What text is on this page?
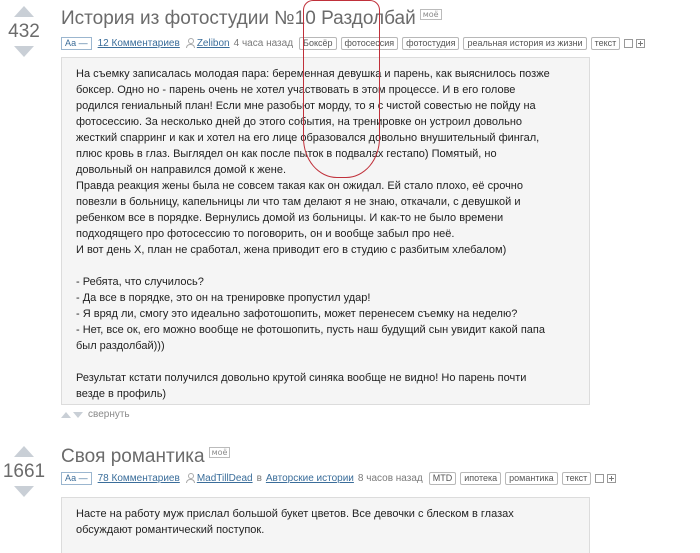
432
История из фотостудии №10 Раздолбай $^{моё}$
Аа —	12 Комментариев Zelibon 4 часа назад	Боксёр	фотосессия	фотостудия	реальная история из жизни	текст

На съемку записалась молодая пара: беременная девушка и парень, как выяснилось позже
боксер. Одно но - парень очень не хотел участвовать в этом процессе. И в его голове
родился гениальный план! Если мне разобьют морду, то я с чистой совестью не пойду на
фотосессию. За несколько дней до этого события, на тренировке он устроил довольно
жесткий спарринг и как и хотел на его лице образовался довольно внушительный фингал,
плюс кровь в глаз. Выглядел он как после пыток в подвалах гестапо) Помятый, но
довольный он направился домой к жене.
Правда реакция жены была не совсем такая как он ожидал. Ей стало плохо, её срочно
повезли в больницу, капельницы ли что там делают я не знаю, откачали, с девушкой и
ребенком все в порядке. Вернулись домой из больницы. И как-то не было времени
подходящего про фотосессию то поговорить, он и вообще забыл про неё.
И вот день Х, план не сработал, жена приводит его в студию с разбитым хлебалом)

- Ребята, что случилось?
- Да все в порядке, это он на тренировке пропустил удар!
- Я вряд ли, смогу это идеально зафотошопить, может перенесем съемку на неделю?
- Нет, все ок, его можно вообще не фотошопить, пусть наш будущий сын увидит какой папа
был раздолбай)))

Результат кстати получился довольно крутой синяка вообще не видно! Но парень почти
везде в профиль)

свернуть
1661
Своя романтика $^{моё}$
Аа —	78 Комментариев MadTillDead в Авторские истории 8 часов назад	MTD	ипотека	романтика	текст

Насте на работу муж прислал большой букет цветов. Все девочки с блеском в глазах
обсуждают романтический поступок.
